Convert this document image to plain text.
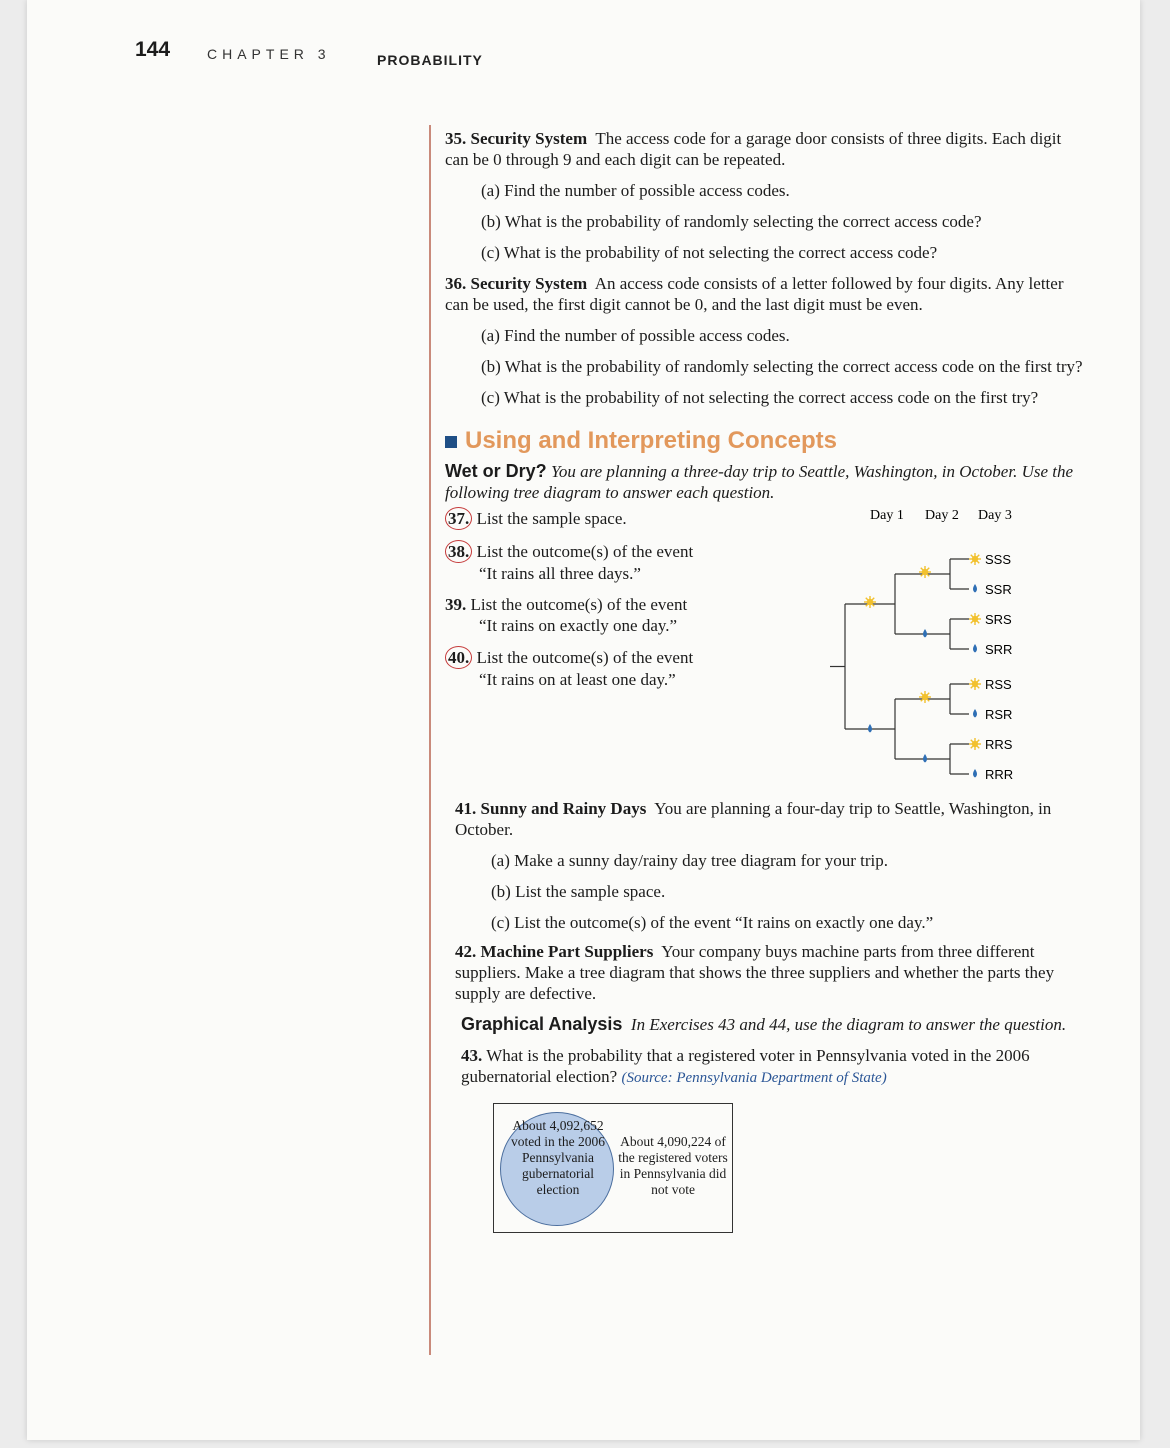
144	CHAPTER 3	PROBABILITY
35. Security System The access code for a garage door consists of three digits. Each digit can be 0 through 9 and each digit can be repeated.
(a) Find the number of possible access codes.
(b) What is the probability of randomly selecting the correct access code?
(c) What is the probability of not selecting the correct access code?
36. Security System An access code consists of a letter followed by four digits. Any letter can be used, the first digit cannot be 0, and the last digit must be even.
(a) Find the number of possible access codes.
(b) What is the probability of randomly selecting the correct access code on the first try?
(c) What is the probability of not selecting the correct access code on the first try?
Using and Interpreting Concepts
Wet or Dry? You are planning a three-day trip to Seattle, Washington, in October. Use the following tree diagram to answer each question.
37. List the sample space.
38. List the outcome(s) of the event
“It rains all three days.”
39. List the outcome(s) of the event
“It rains on exactly one day.”
40. List the outcome(s) of the event
“It rains on at least one day.”
Day 1 Day 2 Day 3
SSS
SSR
SRS
SRR
RSS
RSR
RRS
RRR
41. Sunny and Rainy Days You are planning a four-day trip to Seattle, Washington, in October.
(a) Make a sunny day/rainy day tree diagram for your trip.
(b) List the sample space.
(c) List the outcome(s) of the event “It rains on exactly one day.”
42. Machine Part Suppliers Your company buys machine parts from three different suppliers. Make a tree diagram that shows the three suppliers and whether the parts they supply are defective.
Graphical Analysis In Exercises 43 and 44, use the diagram to answer the question.
43. What is the probability that a registered voter in Pennsylvania voted in the 2006 gubernatorial election? (Source: Pennsylvania Department of State)
About 4,092,652 voted in the 2006 Pennsylvania gubernatorial election
About 4,090,224 of the registered voters in Pennsylvania did not vote
